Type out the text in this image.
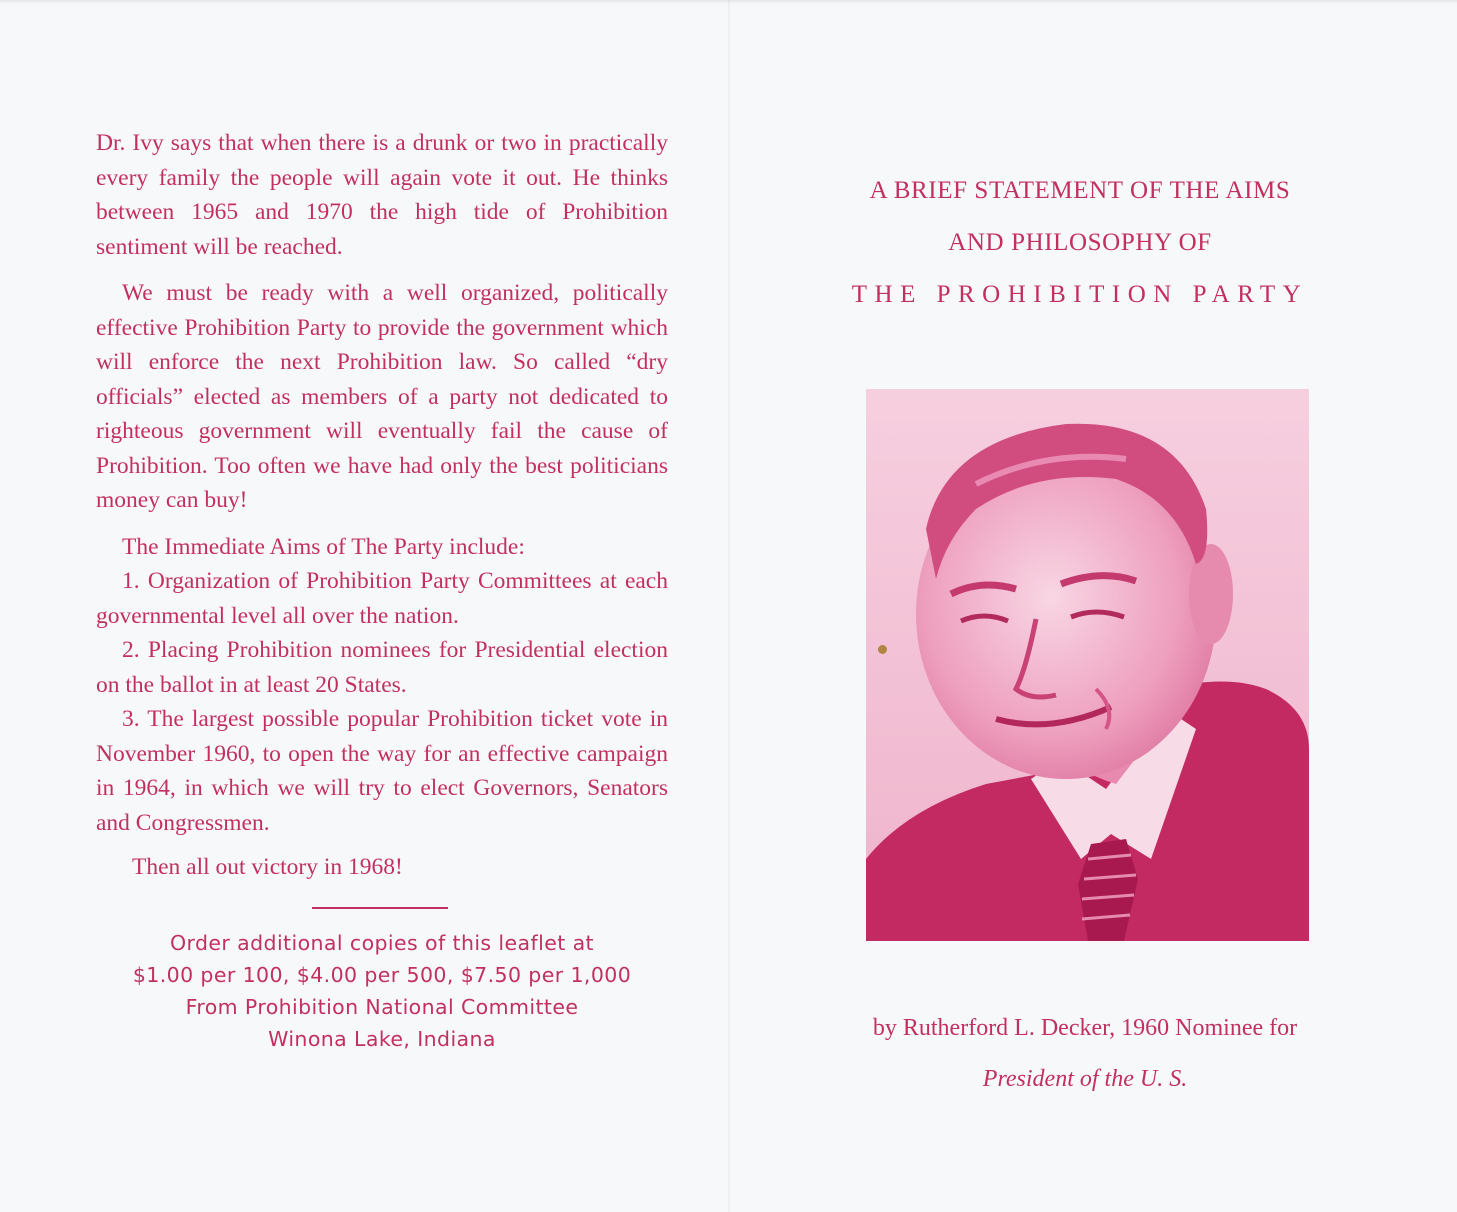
Dr. Ivy says that when there is a drunk or two in practically every family the people will again vote it out. He thinks between 1965 and 1970 the high tide of Prohibition sentiment will be reached.

We must be ready with a well organized, politically effective Prohibition Party to provide the government which will enforce the next Prohibition law. So called “dry officials” elected as members of a party not dedicated to righteous government will eventually fail the cause of Prohibition. Too often we have had only the best politicians money can buy!

The Immediate Aims of The Party include:

1. Organization of Prohibition Party Committees at each governmental level all over the nation.

2. Placing Prohibition nominees for Presidential election on the ballot in at least 20 States.

3. The largest possible popular Prohibition ticket vote in November 1960, to open the way for an effective campaign in 1964, in which we will try to elect Governors, Senators and Congressmen.

Then all out victory in 1968!

Order additional copies of this leaflet at
$1.00 per 100, $4.00 per 500, $7.50 per 1,000
From Prohibition National Committee
Winona Lake, Indiana
A BRIEF STATEMENT OF THE AIMS
AND PHILOSOPHY OF
THE PROHIBITION PARTY
by Rutherford L. Decker, 1960 Nominee for
President of the U. S.
